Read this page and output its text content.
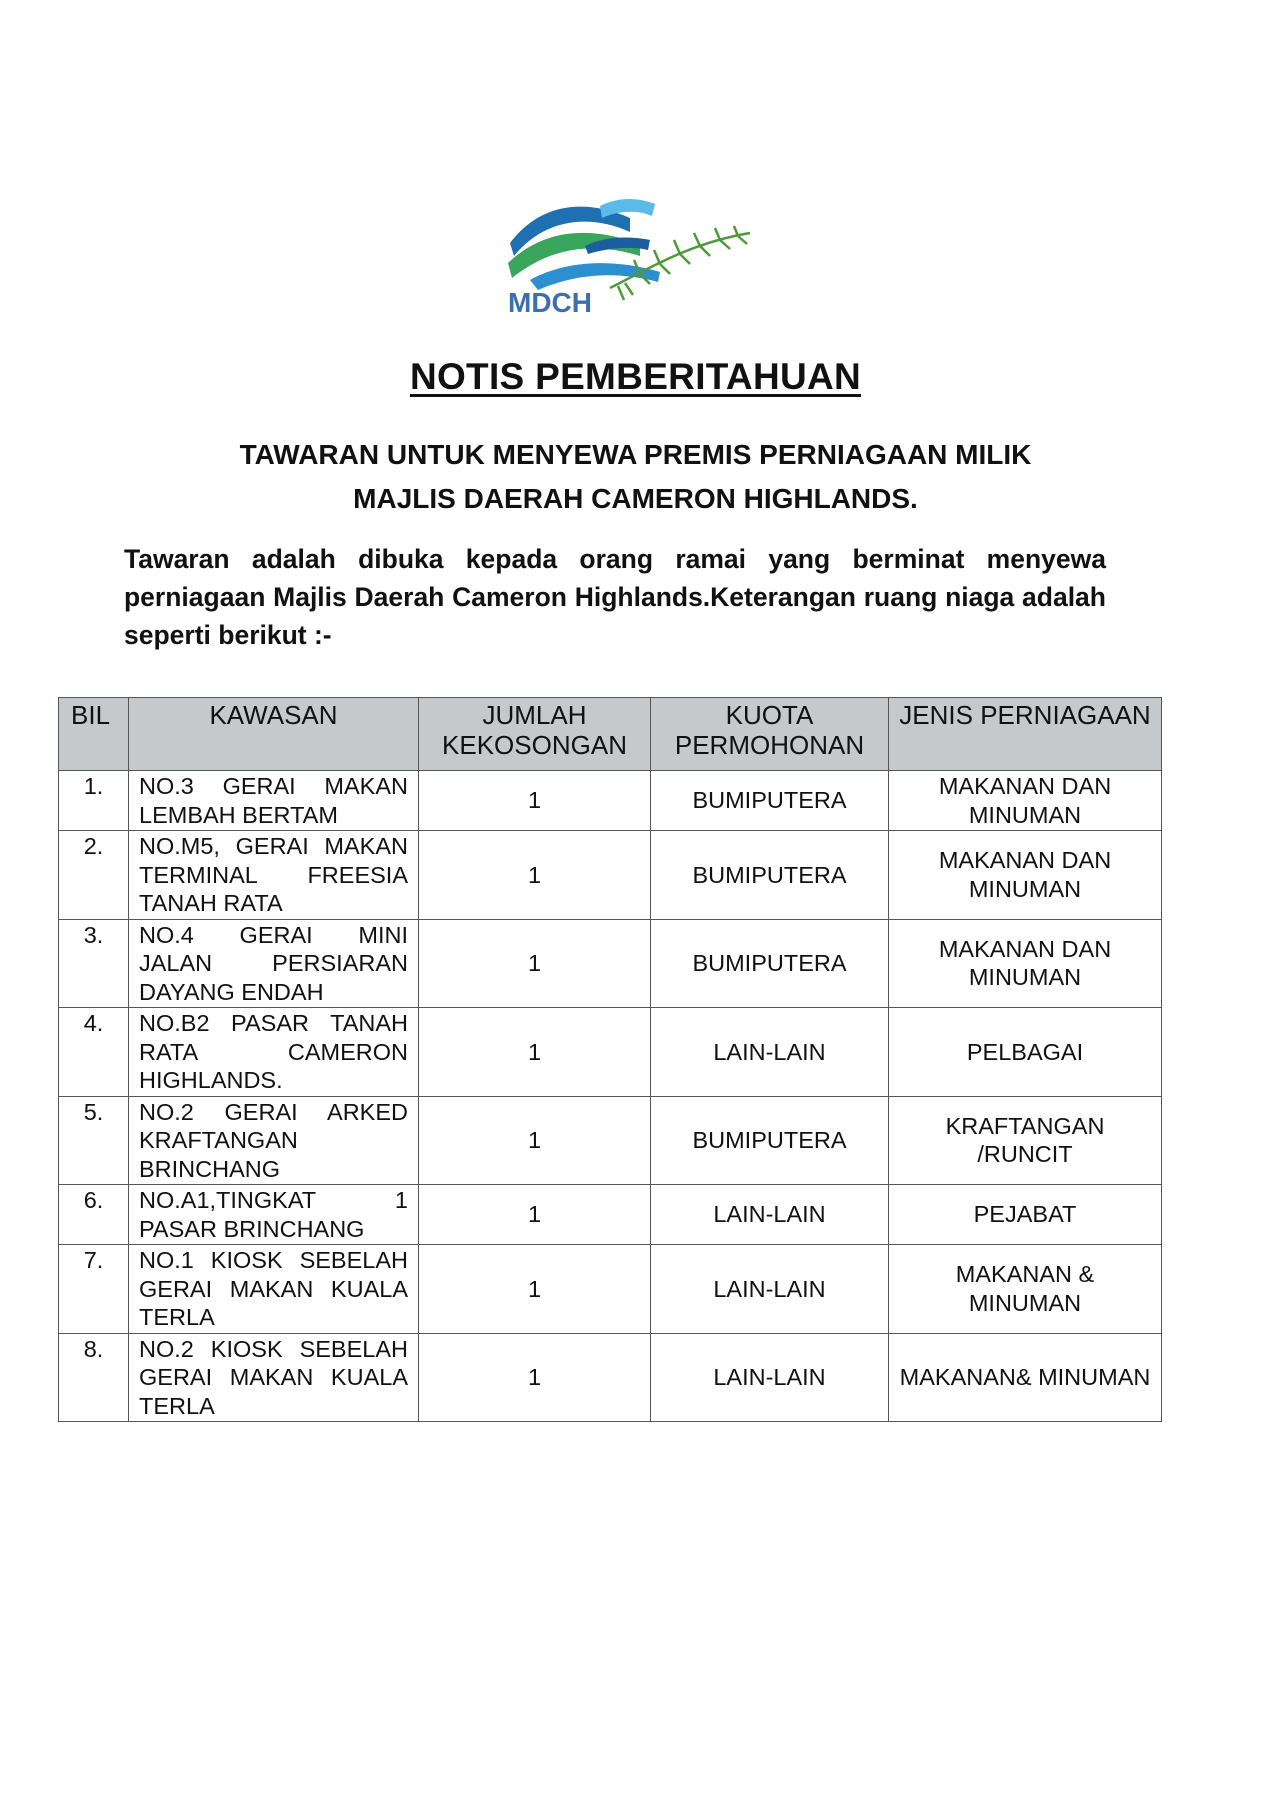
MDCH
NOTIS PEMBERITAHUAN
TAWARAN UNTUK MENYEWA PREMIS PERNIAGAAN MILIK
MAJLIS DAERAH CAMERON HIGHLANDS.
Tawaran adalah dibuka kepada orang ramai yang berminat menyewa perniagaan Majlis Daerah Cameron Highlands.Keterangan ruang niaga adalah seperti berikut :-
BIL	KAWASAN	JUMLAH KEKOSONGAN	KUOTA PERMOHONAN	JENIS PERNIAGAAN
1.	NO.3 GERAI MAKAN LEMBAH BERTAM	1	BUMIPUTERA	MAKANAN DAN MINUMAN
2.	NO.M5, GERAI MAKAN TERMINAL FREESIA TANAH RATA	1	BUMIPUTERA	MAKANAN DAN MINUMAN
3.	NO.4 GERAI MINI JALAN PERSIARAN DAYANG ENDAH	1	BUMIPUTERA	MAKANAN DAN MINUMAN
4.	NO.B2 PASAR TANAH RATA CAMERON HIGHLANDS.	1	LAIN-LAIN	PELBAGAI
5.	NO.2 GERAI ARKED KRAFTANGAN BRINCHANG	1	BUMIPUTERA	KRAFTANGAN /RUNCIT
6.	NO.A1,TINGKAT 1 PASAR BRINCHANG	1	LAIN-LAIN	PEJABAT
7.	NO.1 KIOSK SEBELAH GERAI MAKAN KUALA TERLA	1	LAIN-LAIN	MAKANAN & MINUMAN
8.	NO.2 KIOSK SEBELAH GERAI MAKAN KUALA TERLA	1	LAIN-LAIN	MAKANAN& MINUMAN
